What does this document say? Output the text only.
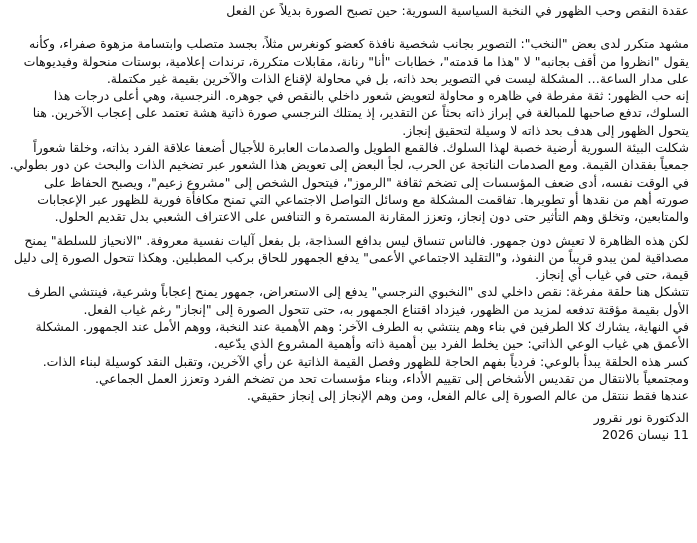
عقدة النقص وحب الظهور في النخبة السياسية السورية: حين تصبح الصورة بديلاً عن الفعل

مشهد متكرر لدى بعض "النخب": التصوير بجانب شخصية نافذة كعضو كونغرس مثلاً، بجسد متصلب وابتسامة مزهوة صفراء، وكأنه يقول "انظروا من أقف بجانبه" لا "هذا ما قدمته"، خطابات "أنا" رنانة، مقابلات متكررة، ترندات إعلامية، بوستات منحولة وفيديوهات على مدار الساعة… المشكلة ليست في التصوير بحد ذاته، بل في محاولة لإقناع الذات والآخرين بقيمة غير مكتملة.

إنه حب الظهور: ثقة مفرطة في ظاهره و محاولة لتعويض شعور داخلي بالنقص في جوهره. النرجسية، وهي أعلى درجات هذا السلوك، تدفع صاحبها للمبالغة في إبراز ذاته بحثاً عن التقدير، إذ يمتلك النرجسي صورة ذاتية هشة تعتمد على إعجاب الآخرين. هنا يتحول الظهور إلى هدف بحد ذاته لا وسيلة لتحقيق إنجاز.

شكلت البيئة السورية أرضية خصبة لهذا السلوك. فالقمع الطويل والصدمات العابرة للأجيال أضعفا علاقة الفرد بذاته، وخلقا شعوراً جمعياً بفقدان القيمة. ومع الصدمات الناتجة عن الحرب، لجأ البعض إلى تعويض هذا الشعور عبر تضخيم الذات والبحث عن دور بطولي. في الوقت نفسه، أدى ضعف المؤسسات إلى تضخم ثقافة "الرموز"، فيتحول الشخص إلى "مشروع زعيم"، ويصبح الحفاظ على صورته أهم من نقدها أو تطويرها. تفاقمت المشكلة مع وسائل التواصل الاجتماعي التي تمنح مكافأة فورية للظهور عبر الإعجابات والمتابعين، وتخلق وهم التأثير حتى دون إنجاز، وتعزز المقارنة المستمرة و التنافس على الاعتراف الشعبي بدل تقديم الحلول.

لكن هذه الظاهرة لا تعيش دون جمهور. فالناس تنساق ليس بدافع السذاجة، بل بفعل آليات نفسية معروفة. "الانحياز للسلطة" يمنح مصداقية لمن يبدو قريباً من النفوذ، و"التقليد الاجتماعي الأعمى" يدفع الجمهور للحاق بركب المطبلين. وهكذا تتحول الصورة إلى دليل قيمة، حتى في غياب أي إنجاز.

تتشكل هنا حلقة مفرغة: نقص داخلي لدى "النخبوي النرجسي" يدفع إلى الاستعراض، جمهور يمنح إعجاباً وشرعية، فينتشي الطرف الأول بقيمة مؤقتة تدفعه لمزيد من الظهور، فيزداد اقتناع الجمهور به، حتى تتحول الصورة إلى "إنجاز" رغم غياب الفعل.

في النهاية، يشارك كلا الطرفين في بناء وهم ينتشي به الطرف الآخر: وهم الأهمية عند النخبة، ووهم الأمل عند الجمهور. المشكلة الأعمق هي غياب الوعي الذاتي: حين يخلط الفرد بين أهمية ذاته وأهمية المشروع الذي يدّعيه.

كسر هذه الحلقة يبدأ بالوعي: فردياً بفهم الحاجة للظهور وفصل القيمة الذاتية عن رأي الآخرين، وتقبل النقد كوسيلة لبناء الذات. ومجتمعياً بالانتقال من تقديس الأشخاص إلى تقييم الأداء، وبناء مؤسسات تحد من تضخم الفرد وتعزز العمل الجماعي.

عندها فقط ننتقل من عالم الصورة إلى عالم الفعل، ومن وهم الإنجاز إلى إنجاز حقيقي.

الدكتورة نور نقرور

11 نيسان 2026
